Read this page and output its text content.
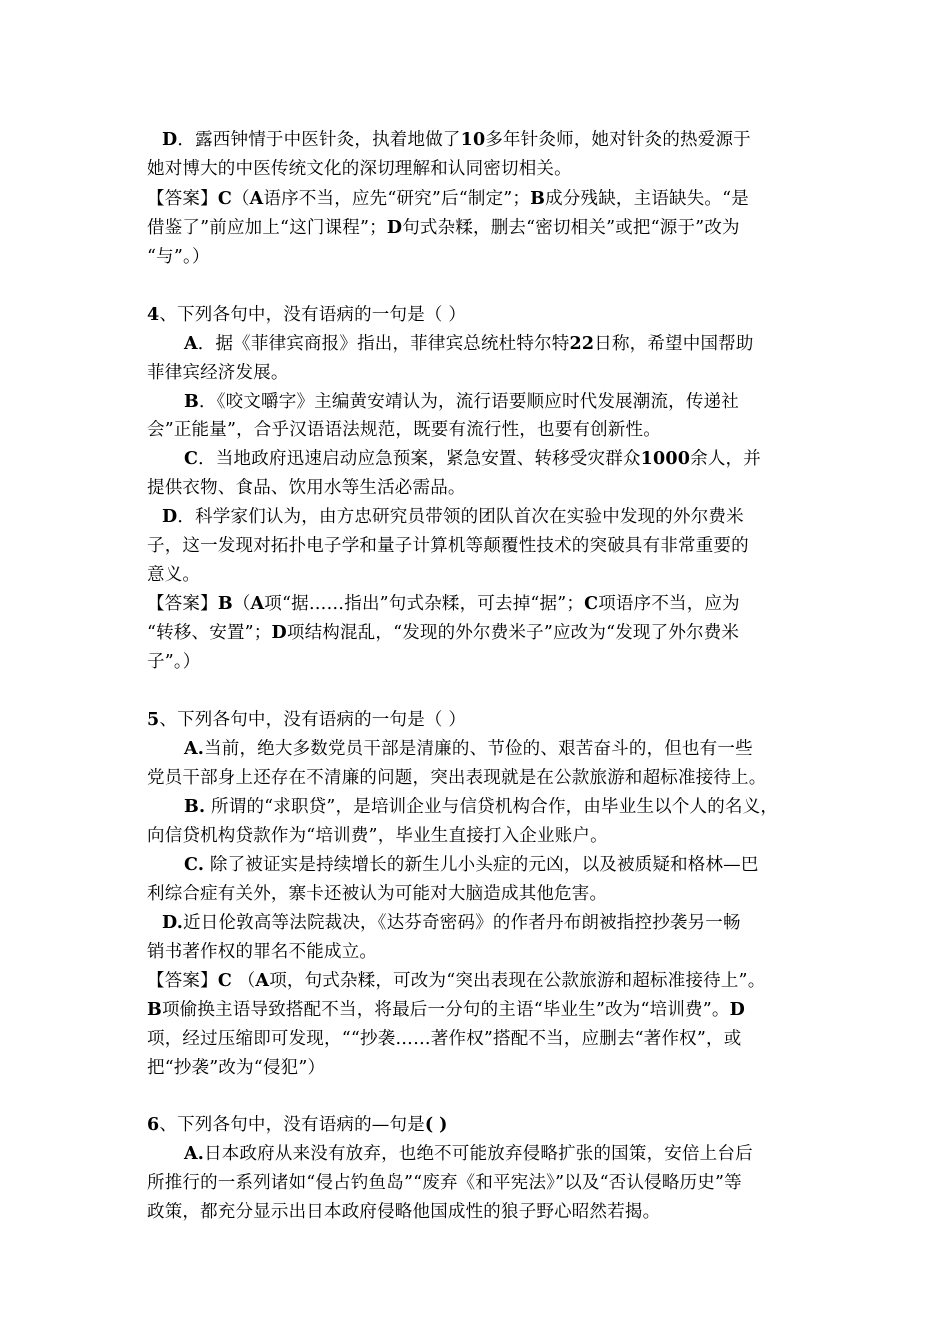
D．露西钟情于中医针灸，执着地做了10多年针灸师，她对针灸的热爱源于
她对博大的中医传统文化的深切理解和认同密切相关。
【答案】C（A语序不当，应先“研究”后“制定”；B成分残缺，主语缺失。“是
借鉴了”前应加上“这门课程”；D句式杂糅，删去“密切相关”或把“源于”改为
“与”。）
4、下列各句中，没有语病的一句是（ ）
A．据《菲律宾商报》指出，菲律宾总统杜特尔特22日称，希望中国帮助
菲律宾经济发展。
B．《咬文嚼字》主编黄安靖认为，流行语要顺应时代发展潮流，传递社
会”正能量”，合乎汉语语法规范，既要有流行性，也要有创新性。
C．当地政府迅速启动应急预案，紧急安置、转移受灾群众1000余人，并
提供衣物、食品、饮用水等生活必需品。
D．科学家们认为，由方忠研究员带领的团队首次在实验中发现的外尔费米
子，这一发现对拓扑电子学和量子计算机等颠覆性技术的突破具有非常重要的
意义。
【答案】B（A项“据……指出”句式杂糅，可去掉“据”；C项语序不当，应为
“转移、安置”；D项结构混乱，“发现的外尔费米子”应改为“发现了外尔费米
子”。）
5、下列各句中，没有语病的一句是（ ）
A.当前，绝大多数党员干部是清廉的、节俭的、艰苦奋斗的，但也有一些
党员干部身上还存在不清廉的问题，突出表现就是在公款旅游和超标准接待上。
B. 所谓的“求职贷”，是培训企业与信贷机构合作，由毕业生以个人的名义，
向信贷机构贷款作为“培训费”，毕业生直接打入企业账户。
C. 除了被证实是持续增长的新生儿小头症的元凶，以及被质疑和格林—巴
利综合症有关外，寨卡还被认为可能对大脑造成其他危害。
D.近日伦敦高等法院裁决，《达芬奇密码》的作者丹布朗被指控抄袭另一畅
销书著作权的罪名不能成立。
【答案】C （A项，句式杂糅，可改为“突出表现在公款旅游和超标准接待上”。
B项偷换主语导致搭配不当，将最后一分句的主语“毕业生”改为“培训费”。D
项，经过压缩即可发现，““抄袭……著作权”搭配不当，应删去“著作权”，或
把“抄袭”改为“侵犯”）
6、下列各句中，没有语病的—句是( )
A.日本政府从来没有放弃，也绝不可能放弃侵略扩张的国策，安倍上台后
所推行的一系列诸如“侵占钓鱼岛”“废弃《和平宪法》”以及“否认侵略历史”等
政策，都充分显示出日本政府侵略他国成性的狼子野心昭然若揭。
